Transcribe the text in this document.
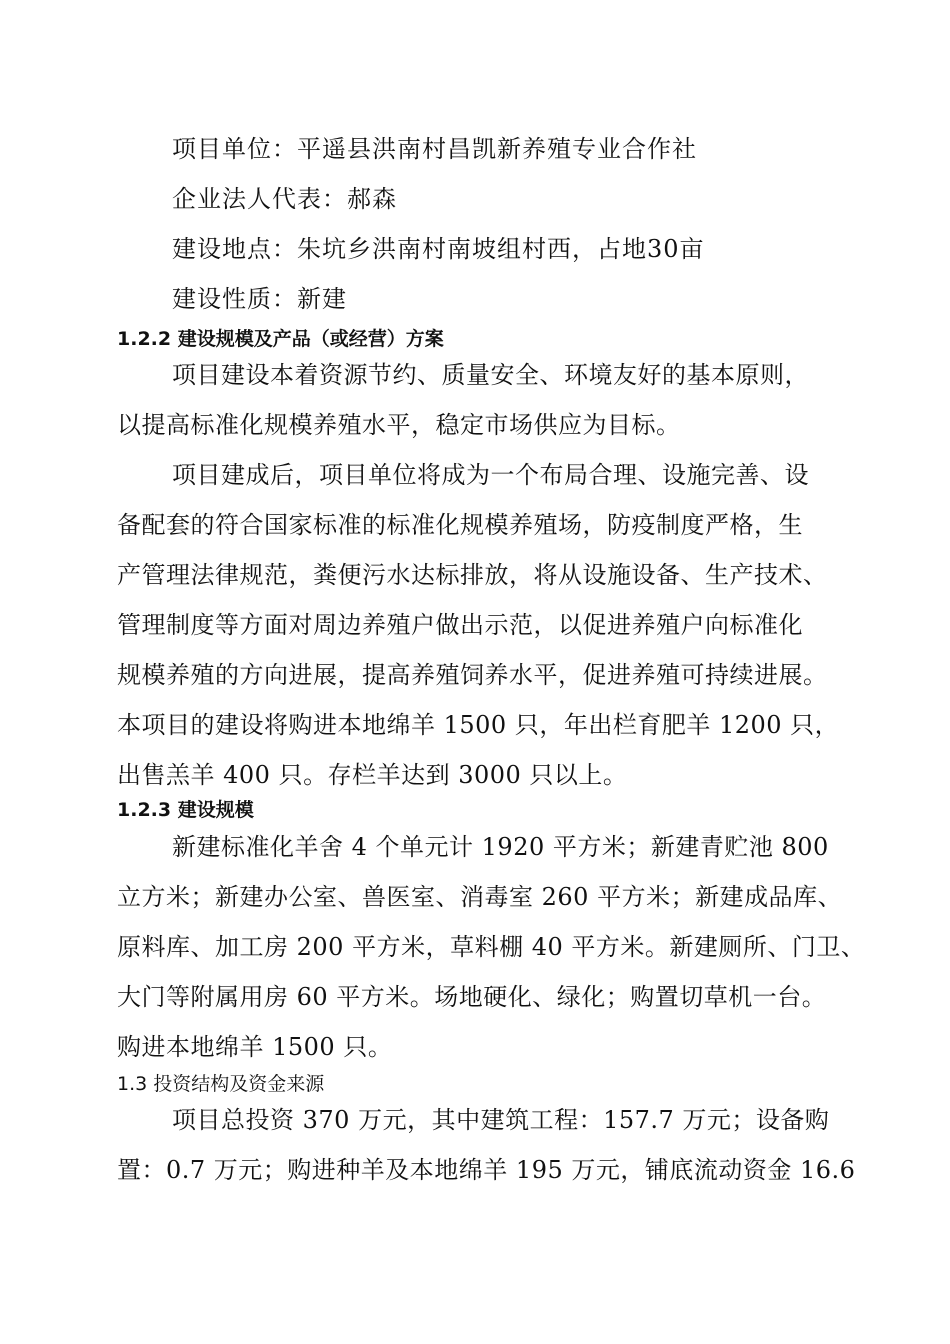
项目单位：平遥县洪南村昌凯新养殖专业合作社
企业法人代表：郝森
建设地点：朱坑乡洪南村南坡组村西，占地30亩
建设性质：新建
1.2.2 建设规模及产品（或经营）方案
项目建设本着资源节约、质量安全、环境友好的基本原则，
以提高标准化规模养殖水平，稳定市场供应为目标。
项目建成后，项目单位将成为一个布局合理、设施完善、设
备配套的符合国家标准的标准化规模养殖场，防疫制度严格，生
产管理法律规范，粪便污水达标排放，将从设施设备、生产技术、
管理制度等方面对周边养殖户做出示范，以促进养殖户向标准化
规模养殖的方向进展，提高养殖饲养水平，促进养殖可持续进展。
本项目的建设将购进本地绵羊 1500 只，年出栏育肥羊 1200 只，
出售羔羊 400 只。存栏羊达到 3000 只以上。
1.2.3 建设规模
新建标准化羊舍 4 个单元计 1920 平方米；新建青贮池 800
立方米；新建办公室、兽医室、消毒室 260 平方米；新建成品库、
原料库、加工房 200 平方米，草料棚 40 平方米。新建厕所、门卫、
大门等附属用房 60 平方米。场地硬化、绿化；购置切草机一台。
购进本地绵羊 1500 只。
1.3 投资结构及资金来源
项目总投资 370 万元，其中建筑工程：157.7 万元；设备购
置：0.7 万元；购进种羊及本地绵羊 195 万元，铺底流动资金 16.6
